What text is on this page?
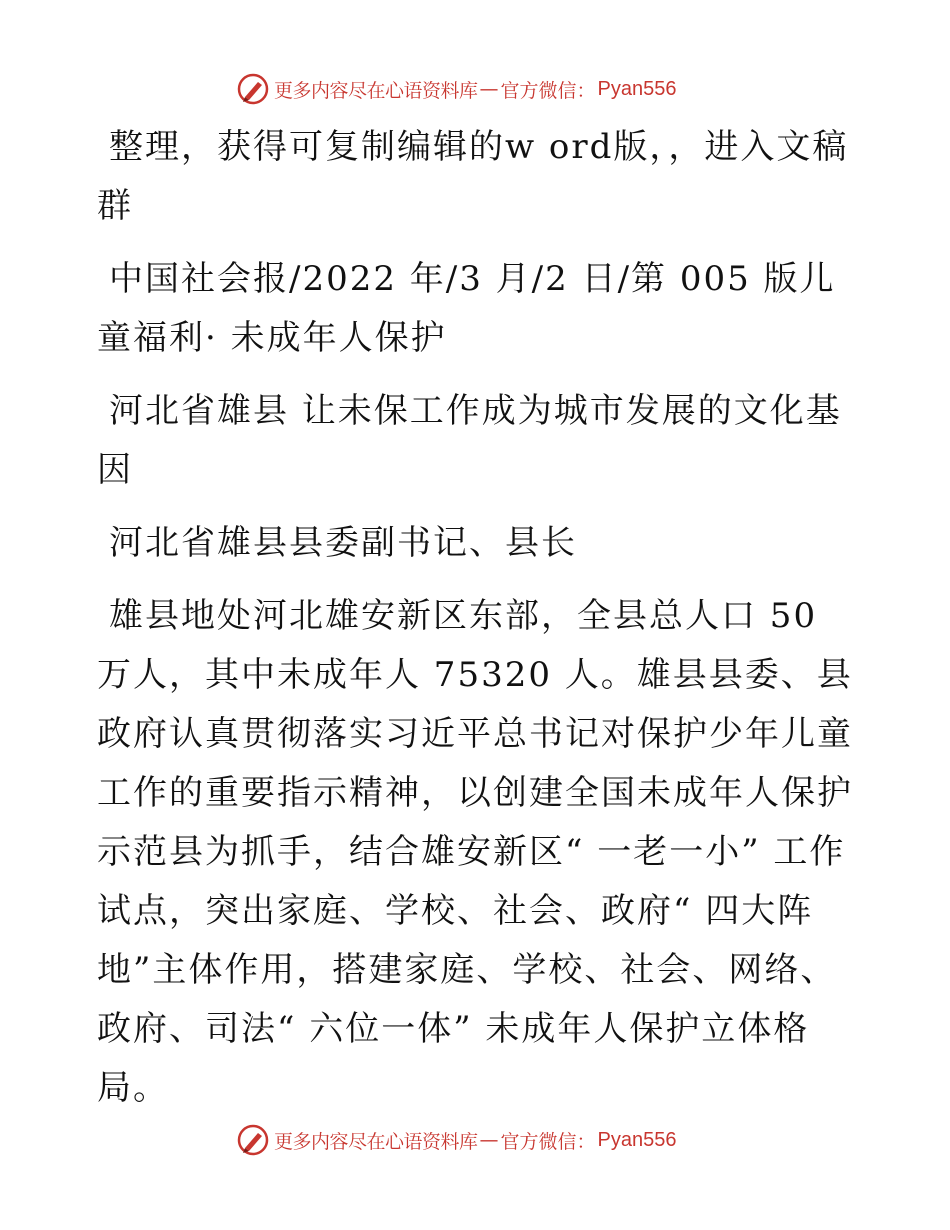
更多内容尽在心语资料库 — 官方微信 ： Pyan556

整理，获得可复制编辑的w ord版，，进入文稿群

中国社会报/2022 年/3 月/2 日/第 005 版儿童福利· 未成年人保护

河北省雄县 让未保工作成为城市发展的文化基因

河北省雄县县委副书记、县长

雄县地处河北雄安新区东部，全县总人口 50 万人，其中未成年人 75320 人。雄县县委、县政府认真贯彻落实习近平总书记对保护少年儿童工作的重要指示精神，以创建全国未成年人保护示范县为抓手，结合雄安新区“ 一老一小” 工作试点，突出家庭、学校、社会、政府“ 四大阵地”主体作用，搭建家庭、学校、社会、网络、政府、司法“ 六位一体” 未成年人保护立体格局。

更多内容尽在心语资料库 — 官方微信 ： Pyan556
